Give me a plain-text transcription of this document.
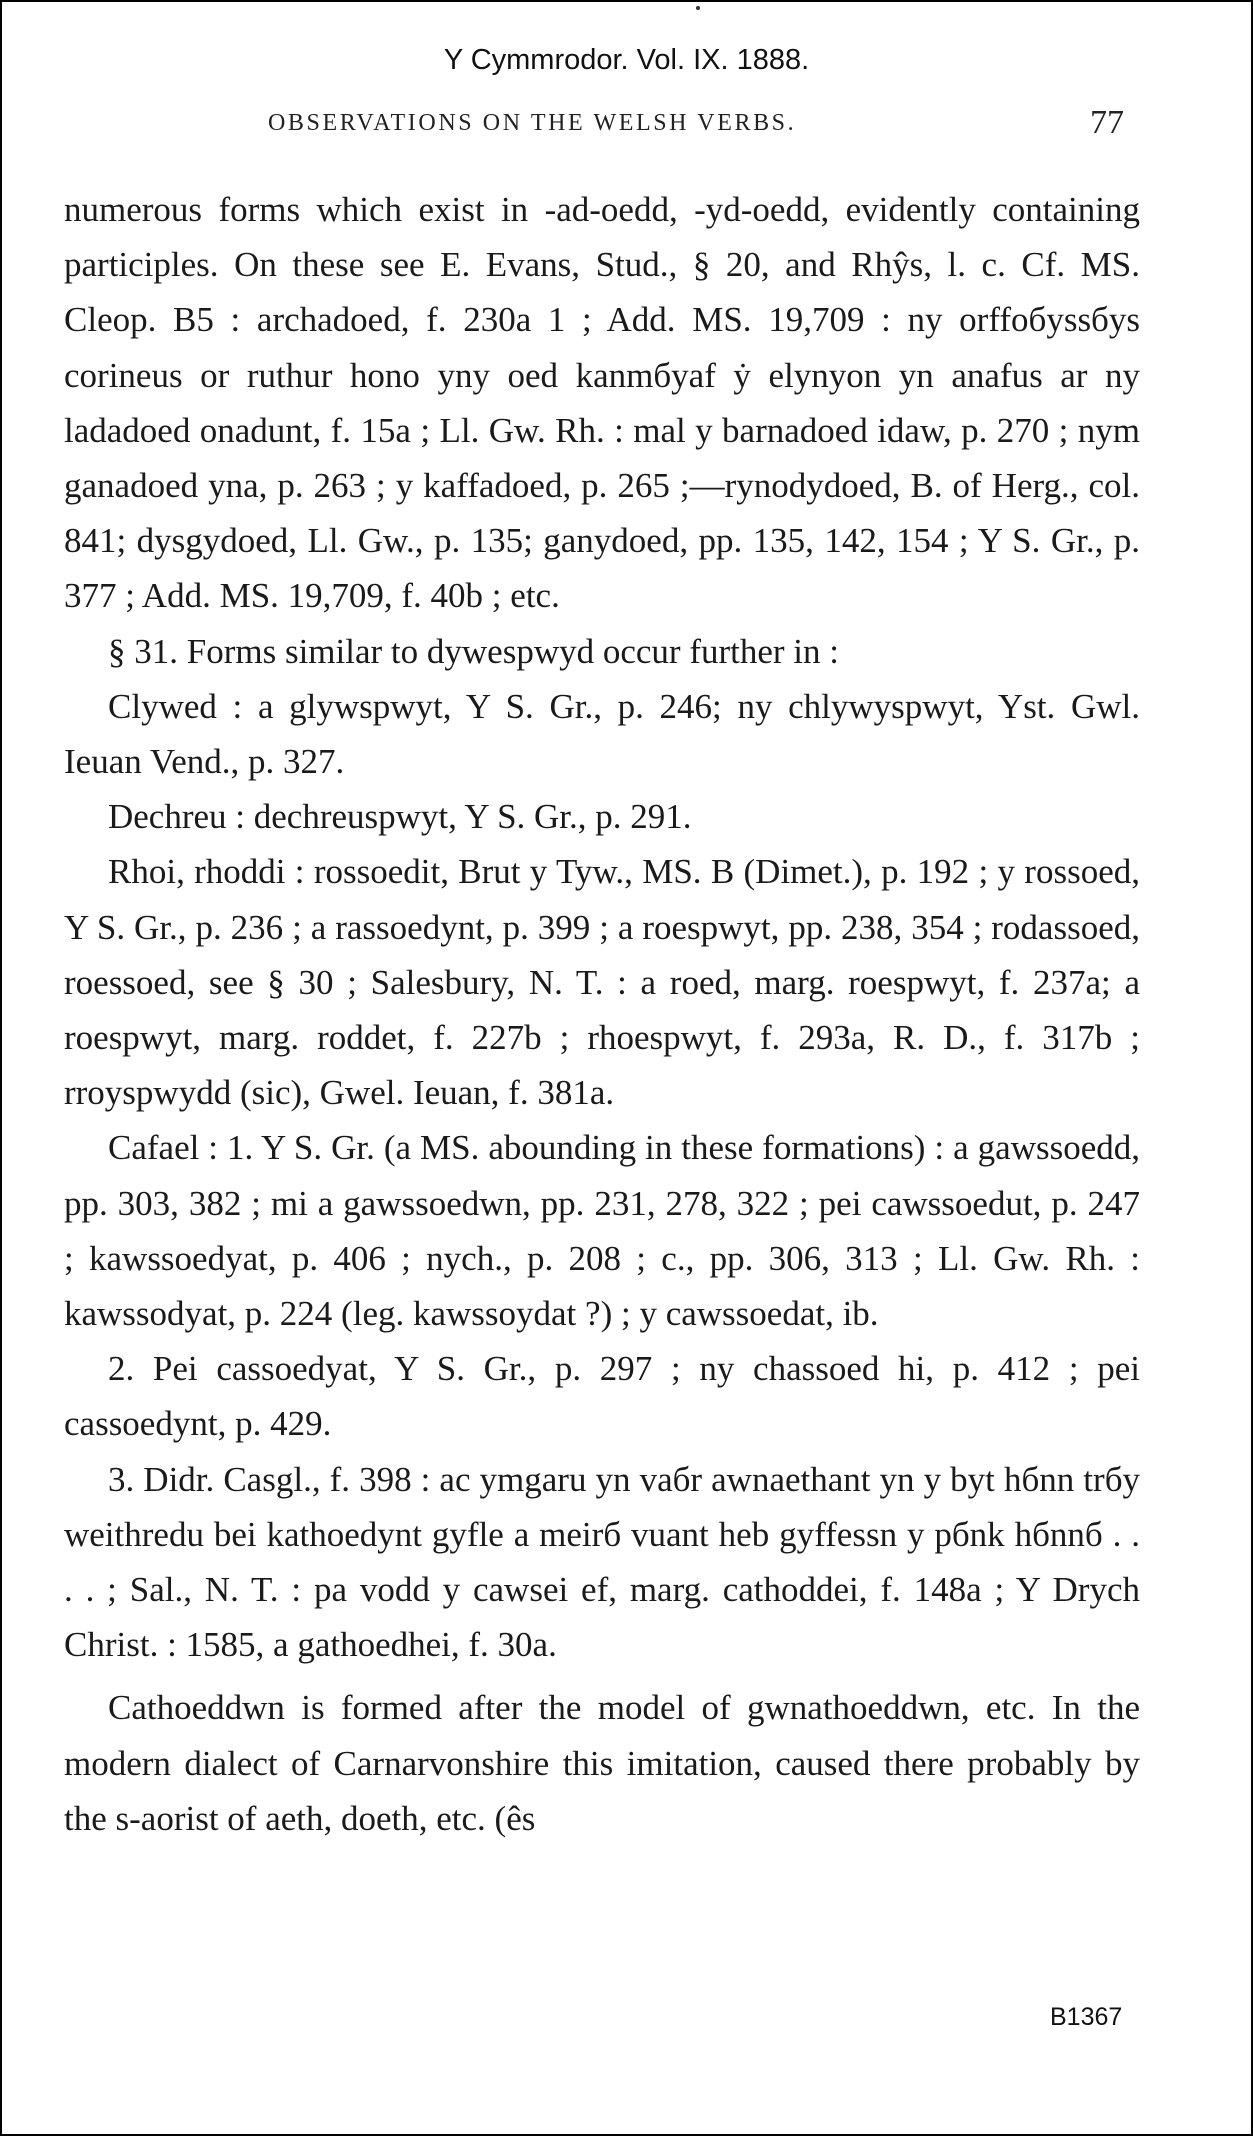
Y Cymmrodor. Vol. IX. 1888.
OBSERVATIONS ON THE WELSH VERBS.	77

numerous forms which exist in -ad-oedd, -yd-oedd, evidently containing participles. On these see E. Evans, Stud., § 20, and Rhŷs, l. c. Cf. MS. Cleop. B5 : archadoed, f. 230a 1 ; Add. MS. 19,709 : ny orffoбyssбys corineus or ruthur hono yny oed kanmбyaf ẏ elynyon yn anafus ar ny ladadoed onadunt, f. 15a ; Ll. Gw. Rh. : mal y barnadoed idaw, p. 270 ; nym ganadoed yna, p. 263 ; y kaffadoed, p. 265 ;—rynodydoed, B. of Herg., col. 841; dysgydoed, Ll. Gw., p. 135; ganydoed, pp. 135, 142, 154 ; Y S. Gr., p. 377 ; Add. MS. 19,709, f. 40b ; etc.

§ 31. Forms similar to dywespwyd occur further in :

Clywed : a glywspwyt, Y S. Gr., p. 246; ny chlywyspwyt, Yst. Gwl. Ieuan Vend., p. 327.

Dechreu : dechreuspwyt, Y S. Gr., p. 291.

Rhoi, rhoddi : rossoedit, Brut y Tyw., MS. B (Dimet.), p. 192 ; y rossoed, Y S. Gr., p. 236 ; a rassoedynt, p. 399 ; a roespwyt, pp. 238, 354 ; rodassoed, roessoed, see § 30 ; Salesbury, N. T. : a roed, marg. roespwyt, f. 237a; a roespwyt, marg. roddet, f. 227b ; rhoespwyt, f. 293a, R. D., f. 317b ; rroyspwydd (sic), Gwel. Ieuan, f. 381a.

Cafael : 1. Y S. Gr. (a MS. abounding in these formations) : a gawssoedd, pp. 303, 382 ; mi a gawssoedwn, pp. 231, 278, 322 ; pei cawssoedut, p. 247 ; kawssoedyat, p. 406 ; nych., p. 208 ; c., pp. 306, 313 ; Ll. Gw. Rh. : kawssodyat, p. 224 (leg. kawssoydat ?) ; y cawssoedat, ib.

2. Pei cassoedyat, Y S. Gr., p. 297 ; ny chassoed hi, p. 412 ; pei cassoedynt, p. 429.

3. Didr. Casgl., f. 398 : ac ymgaru yn vaбr awnaethant yn y byt hбnn trбy weithredu bei kathoedynt gyfle a meirб vuant heb gyffessn y pбnk hбnnб . . . . ; Sal., N. T. : pa vodd y cawsei ef, marg. cathoddei, f. 148a ; Y Drych Christ. : 1585, a gathoedhei, f. 30a.

Cathoeddwn is formed after the model of gwnathoeddwn, etc. In the modern dialect of Carnarvonshire this imitation, caused there probably by the s-aorist of aeth, doeth, etc. (ês

B1367
